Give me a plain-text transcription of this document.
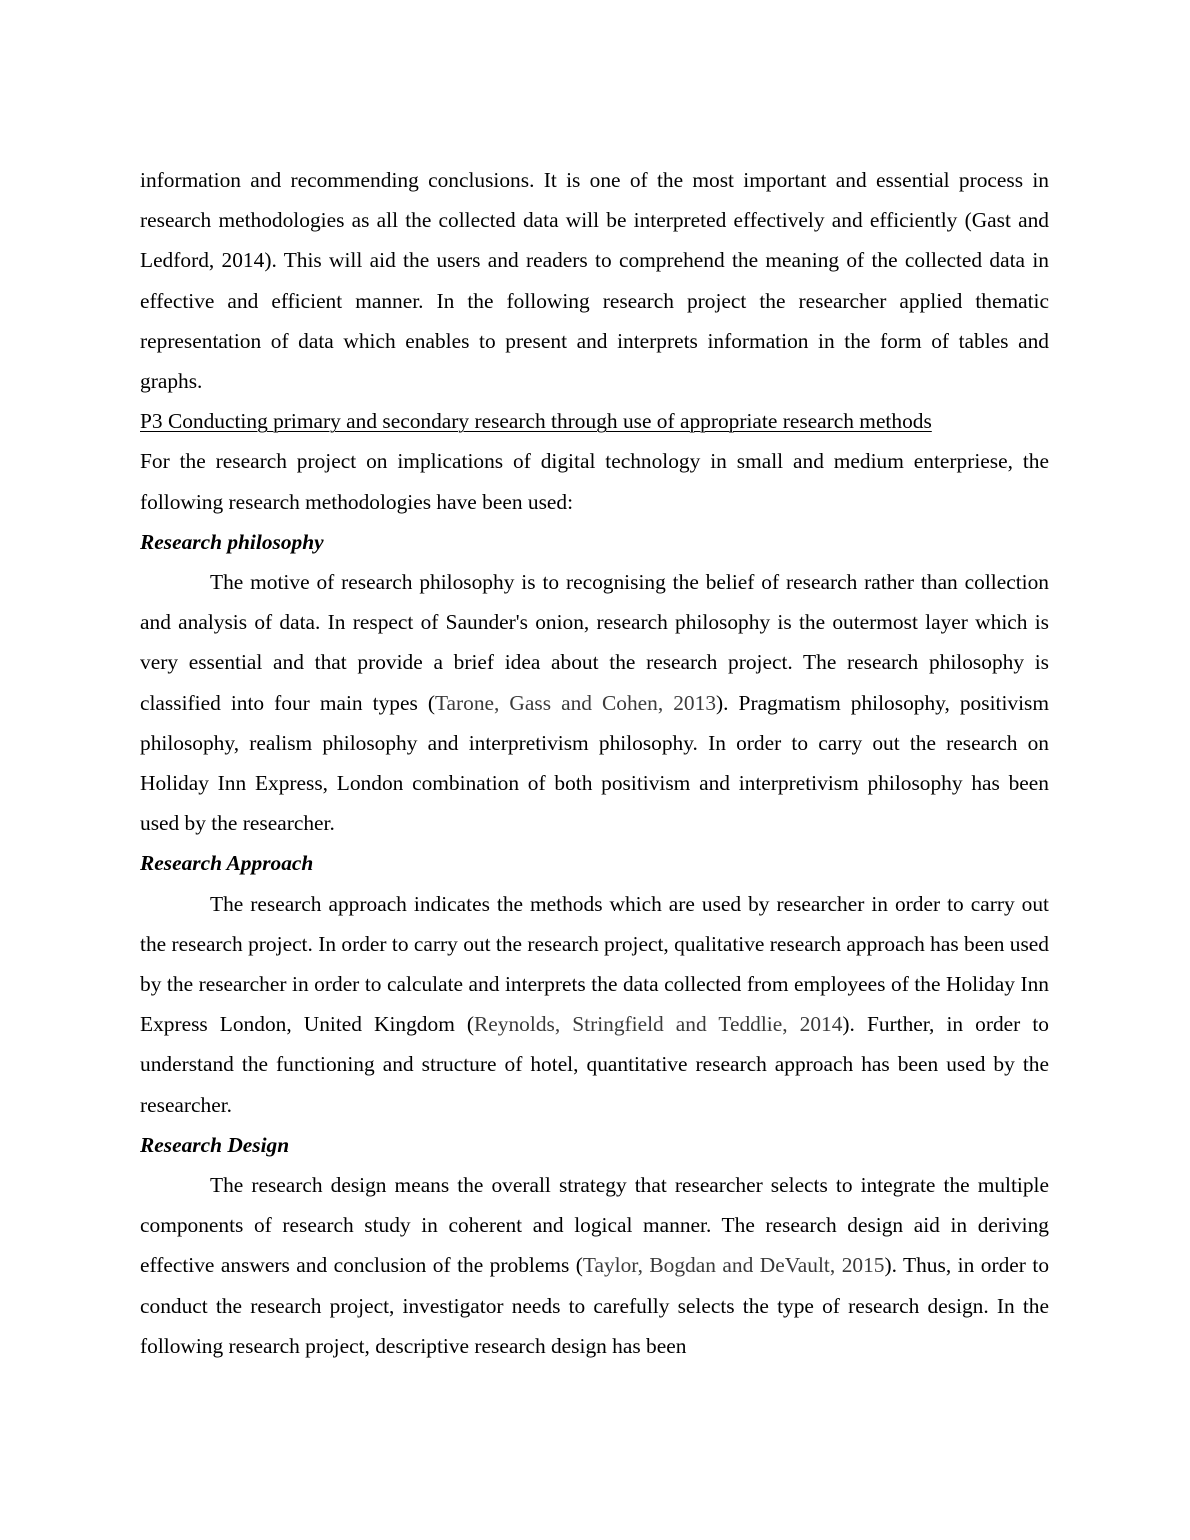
information and recommending conclusions. It is one of the most important and essential process in research methodologies as all the collected data will be interpreted effectively and efficiently (Gast and Ledford, 2014). This will aid the users and readers to comprehend the meaning of the collected data in effective and efficient manner. In the following research project the researcher applied thematic representation of data which enables to present and interprets information in the form of tables and graphs.

P3 Conducting primary and secondary research through use of appropriate research methods

For the research project on implications of digital technology in small and medium enterpriese, the following research methodologies have been used:

Research philosophy

The motive of research philosophy is to recognising the belief of research rather than collection and analysis of data. In respect of Saunder's onion, research philosophy is the outermost layer which is very essential and that provide a brief idea about the research project. The research philosophy is classified into four main types (Tarone, Gass and Cohen, 2013). Pragmatism philosophy, positivism philosophy, realism philosophy and interpretivism philosophy. In order to carry out the research on Holiday Inn Express, London combination of both positivism and interpretivism philosophy has been used by the researcher.

Research Approach

The research approach indicates the methods which are used by researcher in order to carry out the research project. In order to carry out the research project, qualitative research approach has been used by the researcher in order to calculate and interprets the data collected from employees of the Holiday Inn Express London, United Kingdom (Reynolds, Stringfield and Teddlie, 2014). Further, in order to understand the functioning and structure of hotel, quantitative research approach has been used by the researcher.

Research Design

The research design means the overall strategy that researcher selects to integrate the multiple components of research study in coherent and logical manner. The research design aid in deriving effective answers and conclusion of the problems (Taylor, Bogdan and DeVault, 2015). Thus, in order to conduct the research project, investigator needs to carefully selects the type of research design. In the following research project, descriptive research design has been
